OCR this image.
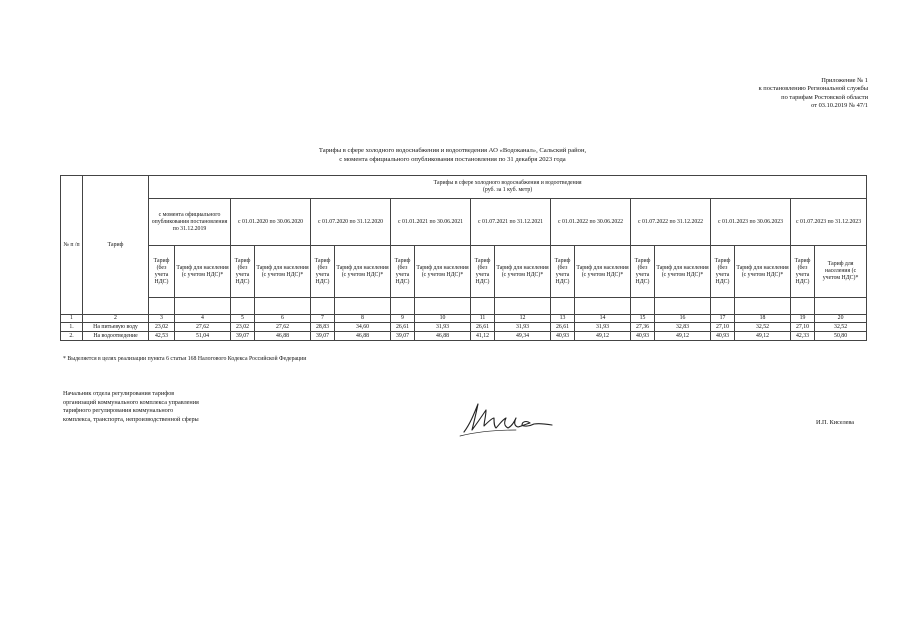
Приложение № 1
к постановлению Региональной службы
по тарифам Ростовской области
от 03.10.2019 № 47/1
Тарифы в сфере холодного водоснабжения и водоотведения АО «Водоканал», Сальский район,
с момента официального опубликования постановления по 31 декабря 2023 года
№ п /п	Тариф	Тарифы в сфере холодного водоснабжения и водоотведения
(руб. за 1 куб. метр)																	

		с момента официального опубликования постановления по 31.12.2019		с 01.01.2020 по 30.06.2020		с 01.07.2020 по 31.12.2020		с 01.01.2021 по 30.06.2021		с 01.07.2021 по 31.12.2021		с 01.01.2022 по 30.06.2022		с 01.07.2022 по 31.12.2022		с 01.01.2023 по 30.06.2023		с 01.07.2023 по 31.12.2023	
		Тариф (без учета НДС)	Тариф для населения (с учетом НДС)*	Тариф (без учета НДС)	Тариф для населения (с учетом НДС)*	Тариф (без учета НДС)	Тариф для населения (с учетом НДС)*	Тариф (без учета НДС)	Тариф для населения (с учетом НДС)*	Тариф (без учета НДС)	Тариф для населения (с учетом НДС)*	Тариф (без учета НДС)	Тариф для населения (с учетом НДС)*	Тариф (без учета НДС)	Тариф для населения (с учетом НДС)*	Тариф (без учета НДС)	Тариф для населения (с учетом НДС)*	Тариф (без учета НДС)	Тариф для населения (с учетом НДС)*

1	2	3	4	5	6	7	8	9	10	11	12	13	14	15	16	17	18	19	20
1.	На питьевую воду	23,02	27,62	23,02	27,62	28,83	34,60	26,61	31,93	26,61	31,93	26,61	31,93	27,36	32,83	27,10	32,52	27,10	32,52
2.	На водоотведение	42,53	51,04	39,07	46,88	39,07	46,88	39,07	46,88	41,12	49,34	40,93	49,12	40,93	49,12	40,93	49,12	42,33	50,80
* Выделяется в целях реализации пункта 6 статьи 168 Налогового Кодекса Российской Федерации
Начальник отдела регулирования тарифов
организаций коммунального комплекса управления
тарифного регулирования коммунального
комплекса, транспорта, непроизводственной сферы	И.П. Киселева
